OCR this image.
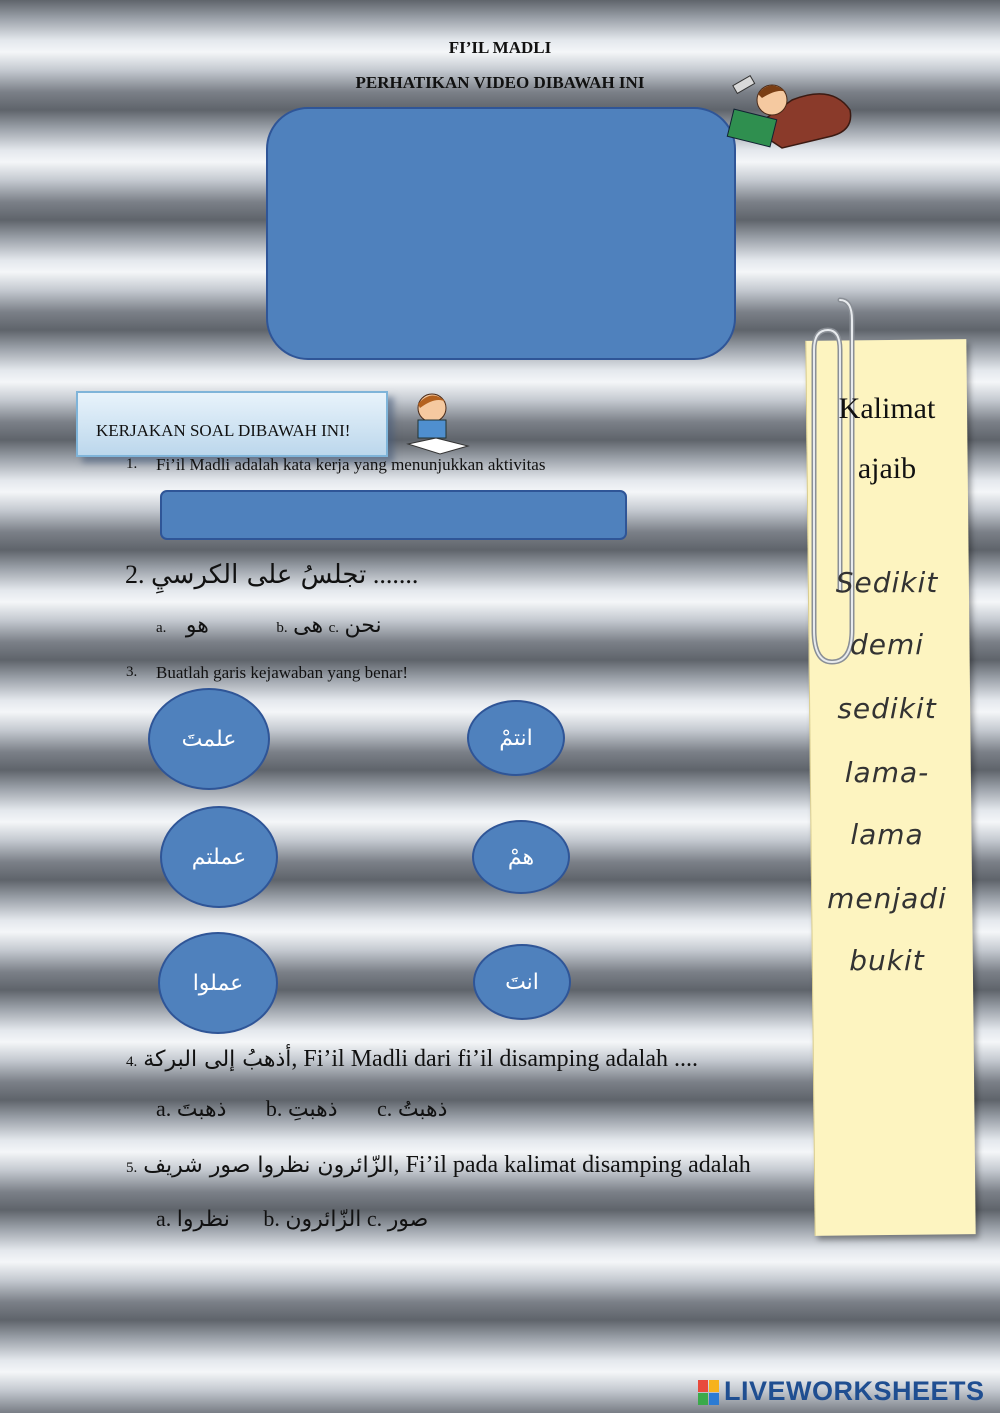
FI’IL MADLI
PERHATIKAN VIDEO DIBAWAH INI
KERJAKAN SOAL DIBAWAH INI!
1. Fi’il Madli adalah kata kerja yang menunjukkan aktivitas
2. تجلسُ على الكرسيِ .......
a. هو	b. هى c. نحن
3. Buatlah garis kejawaban yang benar!
علمتَ
عملتم
عملوا
انتمْ
همْ
انتَ
4. أذهبُ إلى البركة, Fi’il Madli dari fi’il disamping adalah ....
a. ذهبتَ b. ذهبتِ c. ذهبتُ
5. الزّائرون نظروا صور شريف, Fi’il pada kalimat disamping adalah
a. نظروا b. الزّائرون c. صور
Kalimat
ajaib
Sedikit
demi
sedikit
lama-
lama
menjadi
bukit
LIVEWORKSHEETS
